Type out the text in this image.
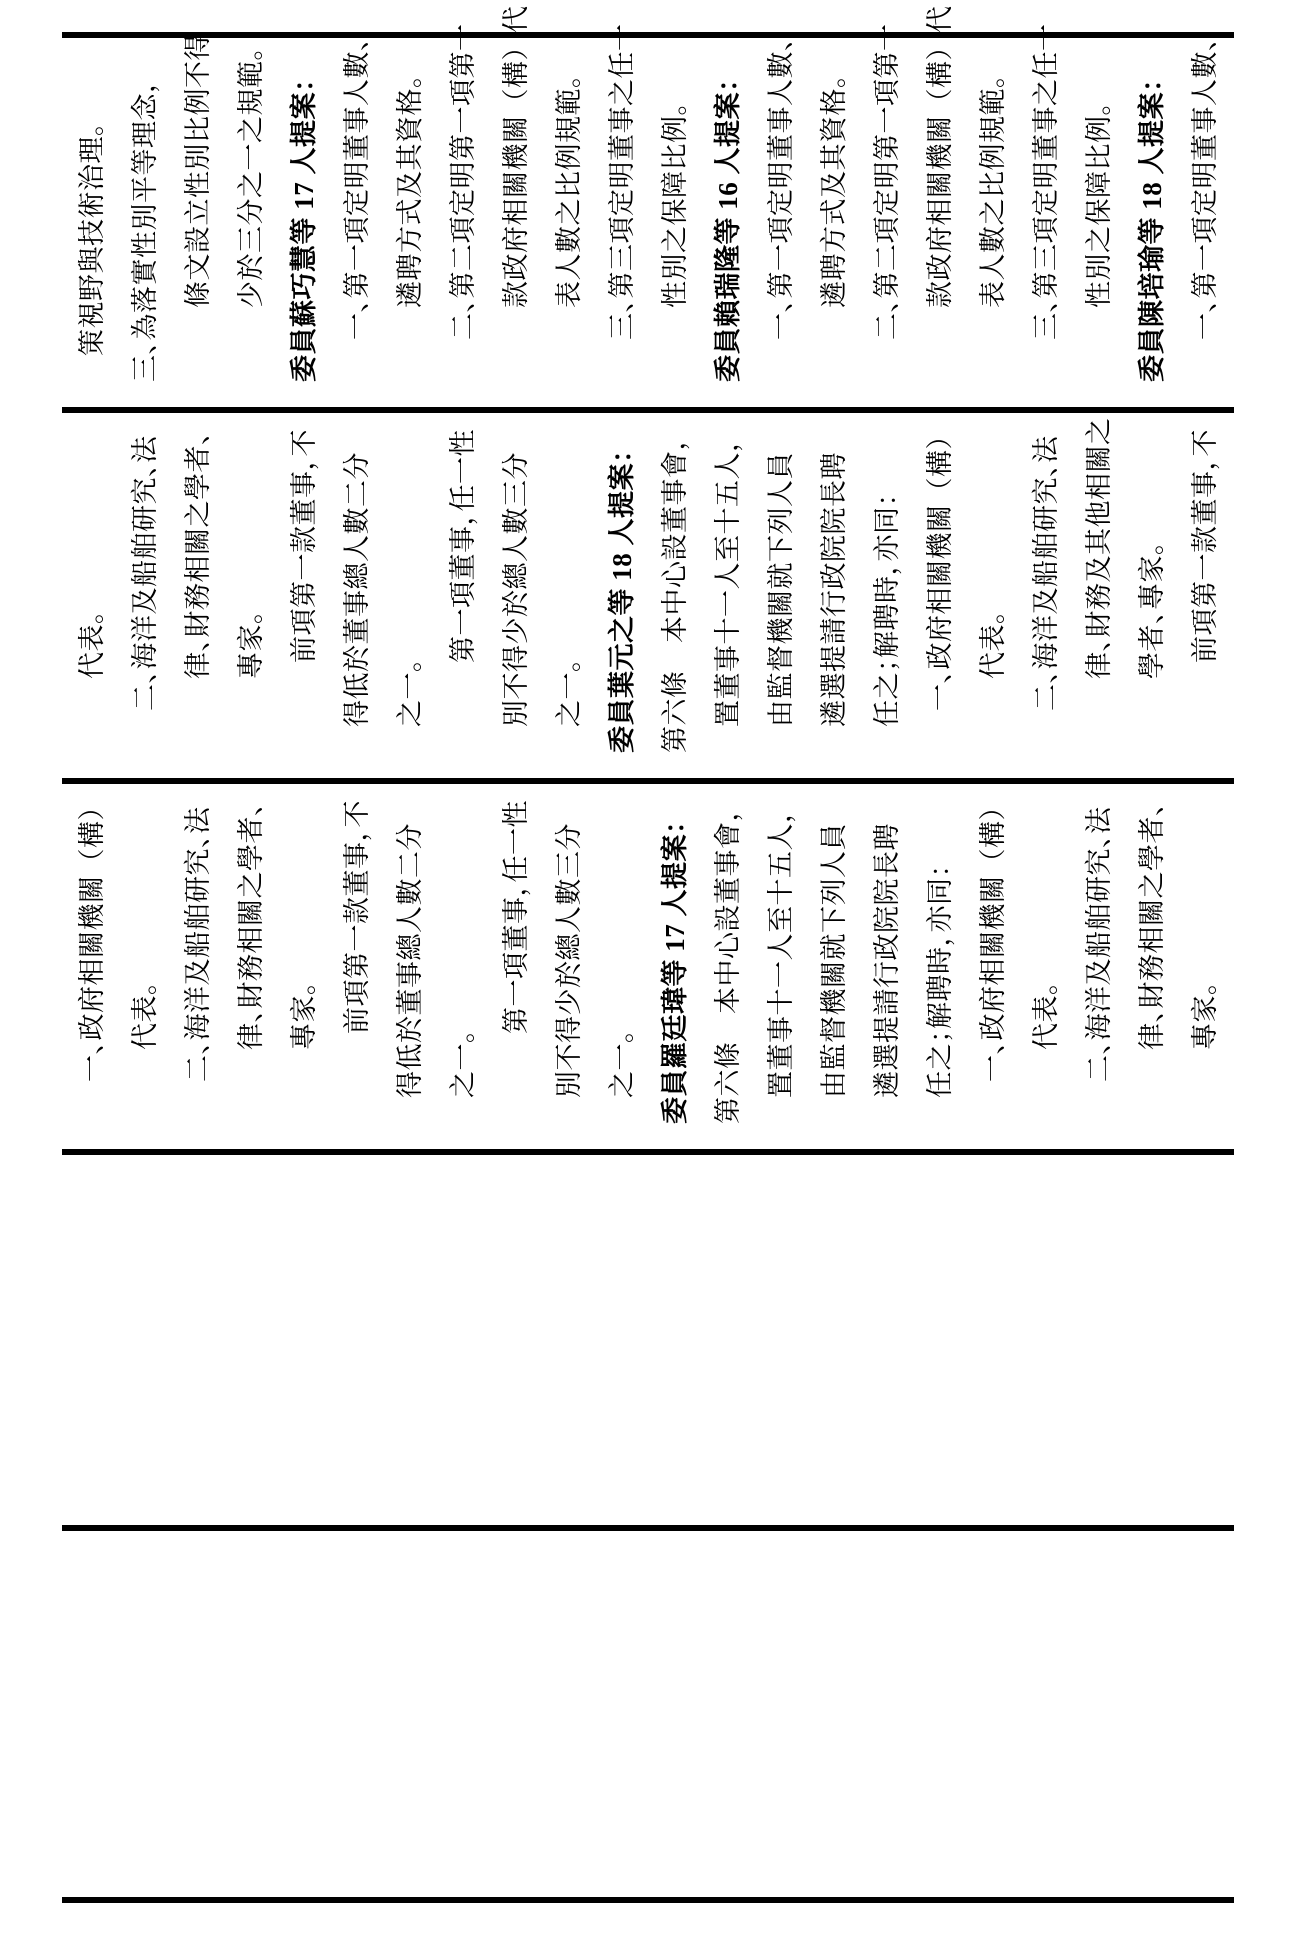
策視野與技術治理。
三、為落實性別平等理念， 條文設立性別比例不得 少於三分之一之規範。
委員蘇巧慧等 17 人提案：
一、第一項定明董事人數、
遴聘方式及其資格。
二、第二項定明第一項第一 款政府相關機關（構）代 表人數之比例規範。
三、第三項定明董事之任一 性別之保障比例。 委員賴瑞隆等 16 人提案：
一、第一項定明董事人數、
遴聘方式及其資格。
二、第二項定明第一項第一 款政府相關機關（構）代 表人數之比例規範。
三、第三項定明董事之任一 性別之保障比例。 委員陳培瑜等 18 人提案：
一、第一項定明董事人數、
代表。
二、海洋及船舶研究、法
律、財務相關之學者、
專家。 前項第一款董事，不
得低於董事總人數二分 之一。
第一項董事，任一性 別不得少於總人數三分 之一。 委員葉元之等 18 人提案： 第六條　本中心設董事會，
置董事十一人至十五人，
由監督機關就下列人員 遴選提請行政院院長聘 任之；解聘時，亦同：
一、政府相關機關（構） 代表。
二、海洋及船舶研究、法
律、財務及其他相關之
學者、專家。 前項第一款董事，不
一、政府相關機關（構） 代表。
二、海洋及船舶研究、法
律、財務相關之學者、
專家。 前項第一款董事，不
得低於董事總人數二分 之一。
第一項董事，任一性 別不得少於總人數三分 之一。 委員羅廷瑋等 17 人提案： 第六條　本中心設董事會，
置董事十一人至十五人，
由監督機關就下列人員 遴選提請行政院院長聘 任之；解聘時，亦同：
一、政府相關機關（構） 代表。
二、海洋及船舶研究、法
律、財務相關之學者、
專家。
